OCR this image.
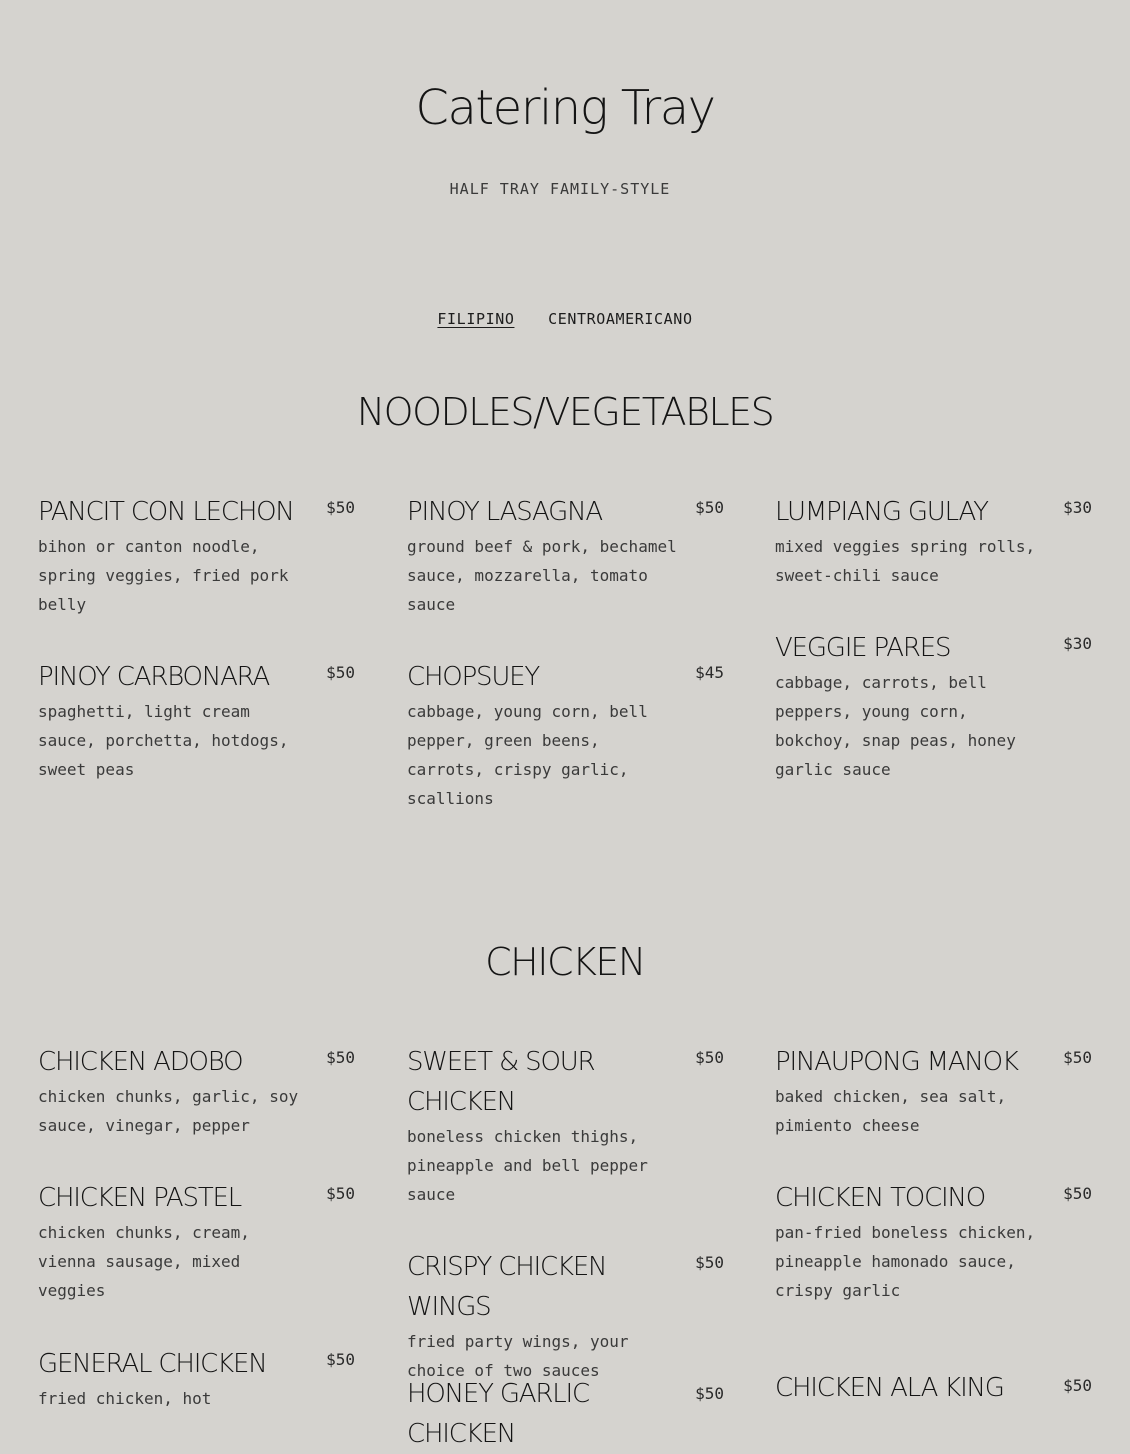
Catering Tray
HALF TRAY FAMILY-STYLE
FILIPINO CENTROAMERICANO
NOODLES/VEGETABLES
PANCIT CON LECHON	$50
bihon or canton noodle, spring veggies, fried pork belly
PINOY LASAGNA	$50
ground beef & pork, bechamel sauce, mozzarella, tomato sauce
LUMPIANG GULAY	$30
mixed veggies spring rolls, sweet-chili sauce
PINOY CARBONARA	$50
spaghetti, light cream sauce, porchetta, hotdogs, sweet peas
CHOPSUEY	$45
cabbage, young corn, bell pepper, green beens, carrots, crispy garlic, scallions
VEGGIE PARES	$30
cabbage, carrots, bell peppers, young corn, bokchoy, snap peas, honey garlic sauce
CHICKEN
CHICKEN ADOBO	$50
chicken chunks, garlic, soy sauce, vinegar, pepper
SWEET & SOUR CHICKEN
$50
boneless chicken thighs, pineapple and bell pepper sauce
PINAUPONG MANOK	$50
baked chicken, sea salt, pimiento cheese
CHICKEN PASTEL	$50
chicken chunks, cream, vienna sausage, mixed veggies
CRISPY CHICKEN WINGS
$50
fried party wings, your choice of two sauces
CHICKEN TOCINO	$50
pan-fried boneless chicken, pineapple hamonado sauce, crispy garlic
GENERAL CHICKEN	$50
fried chicken, hot	HONEY GARLIC CHICKEN
$50 CHICKEN ALA KING	$50
